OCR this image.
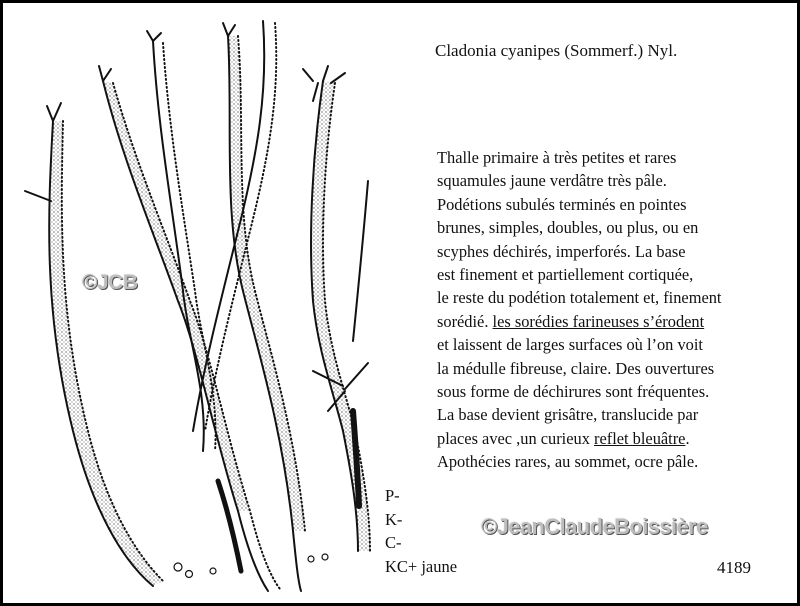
©JCB
Cladonia cyanipes (Sommerf.) Nyl.
Thalle primaire à très petites et rares
squamules jaune verdâtre très pâle.
Podétions subulés terminés en pointes
brunes, simples, doubles, ou plus, ou en
scyphes déchirés, imperforés. La base
est finement et partiellement cortiquée,
le reste du podétion totalement et, finement
sorédié. les sorédies farineuses s’érodent
et laissent de larges surfaces où l’on voit
la médulle fibreuse, claire. Des ouvertures
sous forme de déchirures sont fréquentes.
La base devient grisâtre, translucide par
places avec ,un curieux reflet bleuâtre.
Apothécies rares, au sommet, ocre pâle.
P-
K-
C-
KC+ jaune
©JeanClaudeBoissière
4189
